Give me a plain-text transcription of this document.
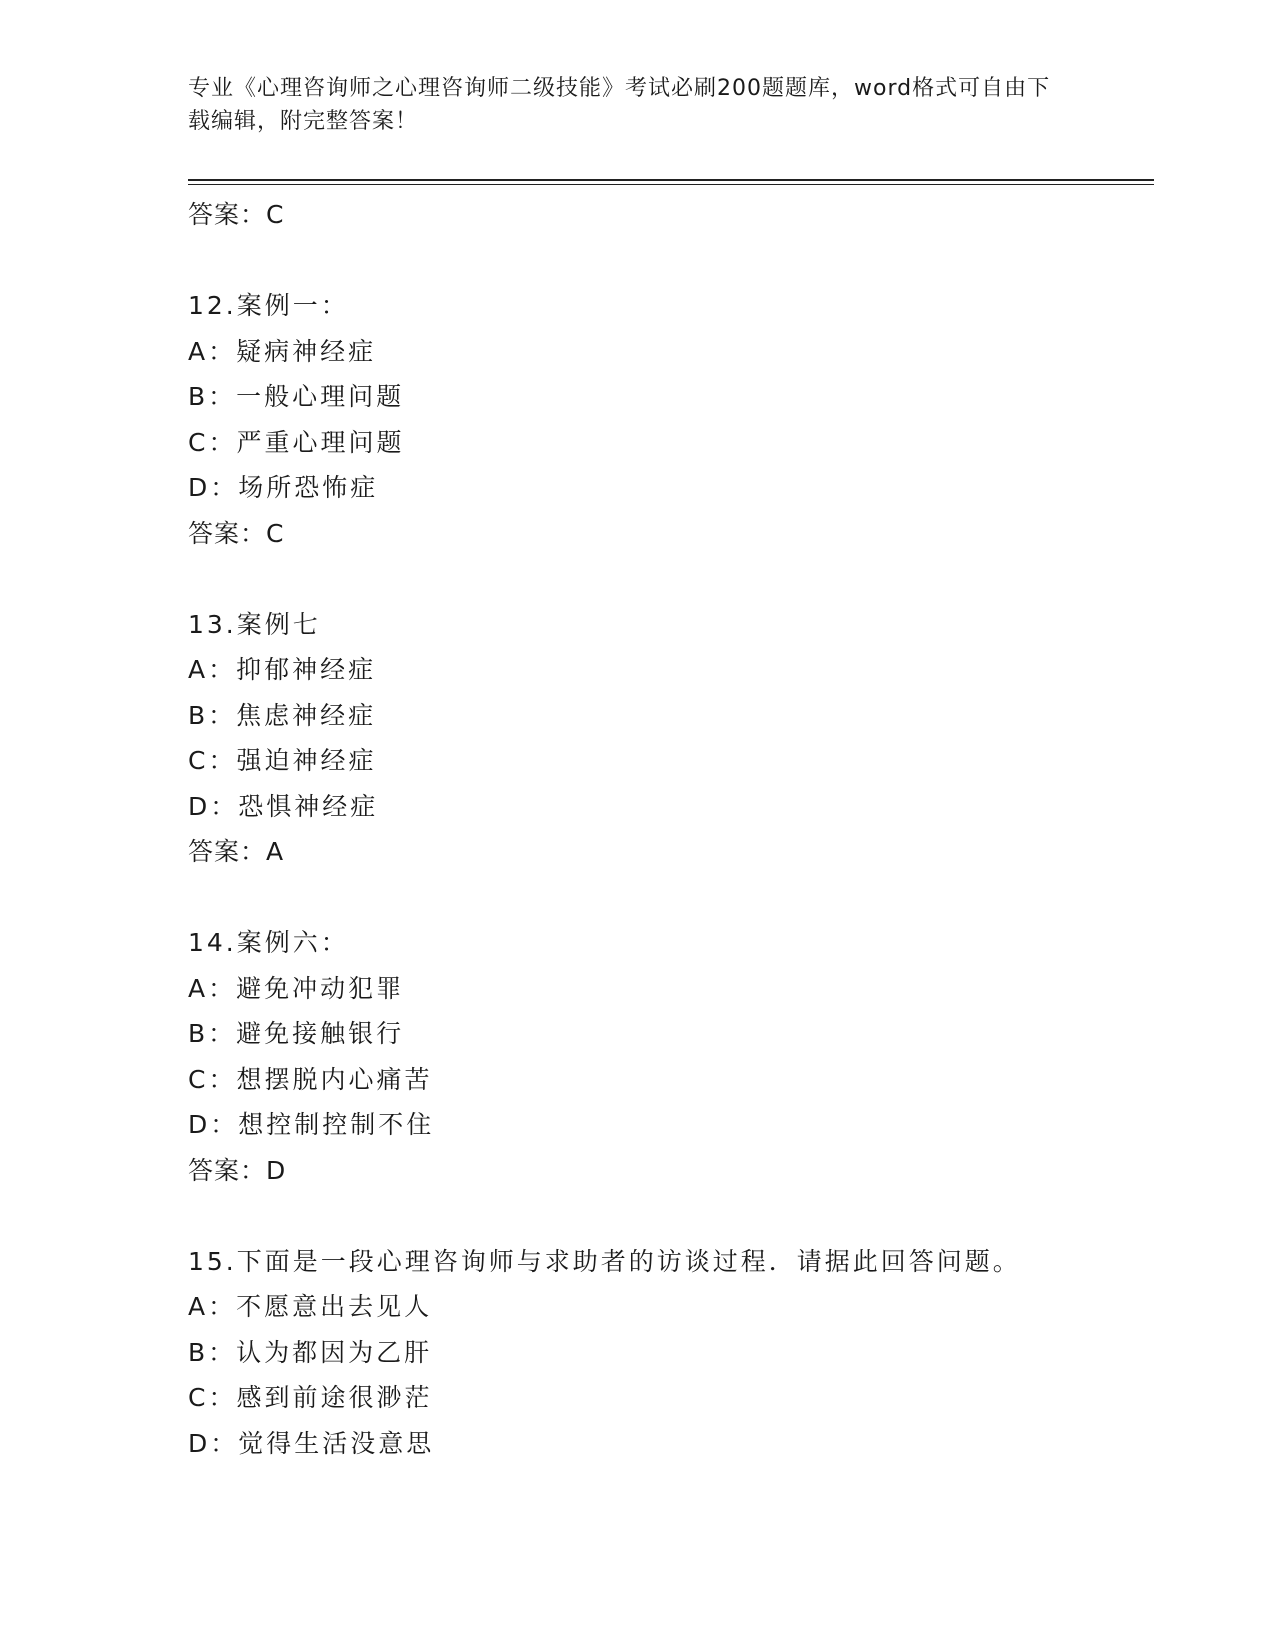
专业《心理咨询师之心理咨询师二级技能》考试必刷200题题库，word格式可自由下载编辑，附完整答案！
答案：C
12.案例一：
A：疑病神经症
B：一般心理问题
C：严重心理问题
D：场所恐怖症
答案：C
13.案例七
A：抑郁神经症
B：焦虑神经症
C：强迫神经症
D：恐惧神经症
答案：A
14.案例六：
A：避免冲动犯罪
B：避免接触银行
C：想摆脱内心痛苦
D：想控制控制不住
答案：D
15.下面是一段心理咨询师与求助者的访谈过程．请据此回答问题。
A：不愿意出去见人
B：认为都因为乙肝
C：感到前途很渺茫
D：觉得生活没意思
